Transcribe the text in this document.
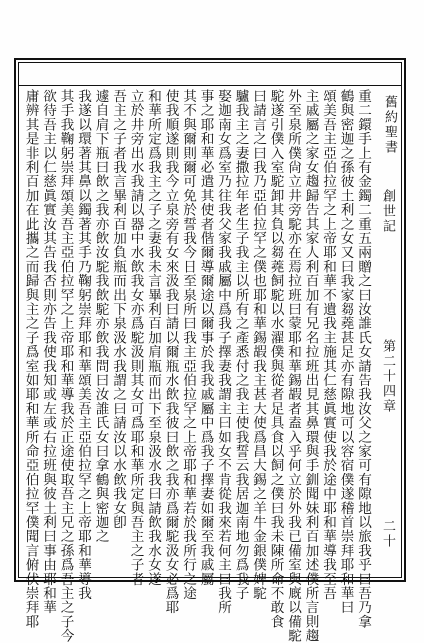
舊約聖書
創世記
第二十四章
二十
重二鐶手上有金鐲二重五兩贈之曰汝誰氏女請告我汝父之家可有隙地以旅我乎曰吾乃拿
鶴與密迦之孫彼土利之女又曰我家芻蕘甚足亦有隙地可以容宿僕遂稽首崇拜耶和華曰
頌美吾主亞伯拉罕之上帝耶和華不遺我主施其仁慈眞實使我於途中耶和華導我至吾
主戚屬之家女趨歸告其家人利百加有兄名拉班出見其鼻環與手釧聞妹利百加述僕所言則趨
外至泉所僕尙立井旁駝亦在焉拉班曰蒙耶和華錫嘏者盍入乎何立於外我已備室與廐以備駝
駝遂引僕入室駝卸其負以芻蕘飼駝以水濯僕與從者足具食以飼之僕曰我未陳所命不敢食
曰請言之曰我乃亞伯拉罕之僕也耶和華錫嘏我主甚大使爲昌大錫之羊牛金銀僕婢駝
驢我主之妻撒拉年老生子我主以所有之產悉付之我主使我誓云我居迦南地勿爲我子
娶迦南女爲室乃往我父家我戚屬中爲我子擇妻我謂主曰如女不肯從我來若何主曰我所
事之耶和華必遣其使者偕爾導爾途以爾事於我我戚屬中爲我子擇妻如爾至我戚屬
其不與爾則爾可免於誓我今日至泉所曰我主亞伯拉罕之上帝耶和華若於我所行之途
使我順遂則我今立泉旁有女來汲我曰請以爾瓶水飲我彼曰飲之我亦爲爾駝汲女必爲耶
和華所定爲我主之子之妻我未言畢利百加肩瓶而出下至泉汲水我曰請飲我水女遂
立於井旁出水我請以器中水飲我女亦爲駝汲則其女可爲耶和華所定與吾主之子者
吾主之子者我言畢利百加負瓶而出下泉汲水我謂之曰請汝以水飲我女卽
遽自肩下瓶曰飲之我亦飲汝駝我飲駝亦飲我問曰汝誰氏女曰拿鶴與密迦之
我遂以環著其鼻以鐲著其手乃鞠躬崇拜耶和華頌美吾主亞伯拉罕之上帝耶和華導我
其手我鞠躬崇拜頌美吾主亞伯拉罕之上帝耶和華導我於正途使取吾主兄之孫爲吾主之子今
欲待吾主以仁慈眞實汝其告我否則亦告我使我知或左或右拉班與彼土利曰事由耶和華
庸辨其是非利百加在此攜之而歸與主之子爲室如耶和華所命亞伯拉罕僕聞言俯伏崇拜耶
